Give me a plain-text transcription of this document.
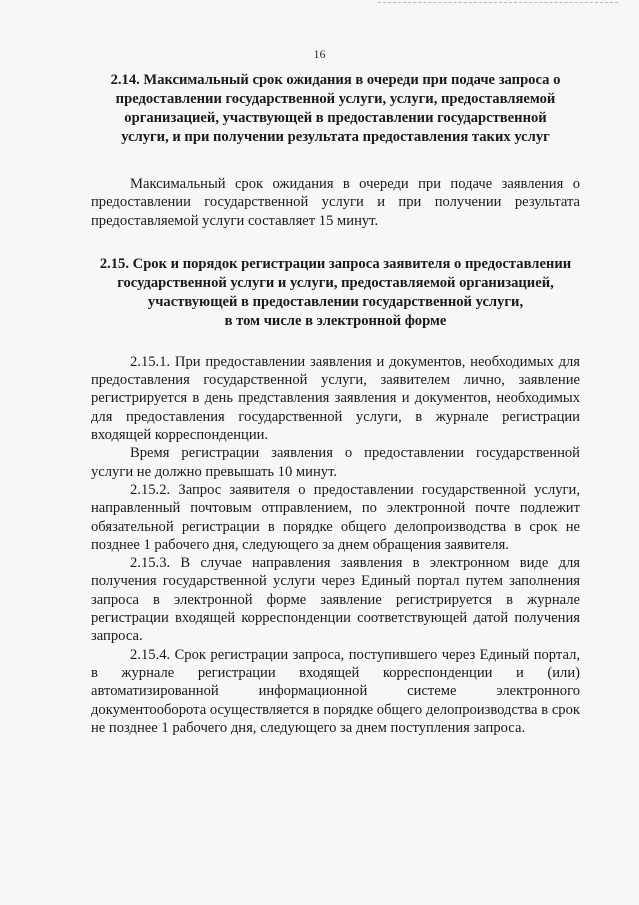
16
2.14. Максимальный срок ожидания в очереди при подаче запроса о
предоставлении государственной услуги, услуги, предоставляемой
организацией, участвующей в предоставлении государственной
услуги, и при получении результата предоставления таких услуг

Максимальный срок ожидания в очереди при подаче заявления о предоставлении государственной услуги и при получении результата предоставляемой услуги составляет 15 минут.

2.15. Срок и порядок регистрации запроса заявителя о предоставлении
государственной услуги и услуги, предоставляемой организацией,
участвующей в предоставлении государственной услуги,
в том числе в электронной форме

2.15.1. При предоставлении заявления и документов, необходимых для предоставления государственной услуги, заявителем лично, заявление регистрируется в день представления заявления и документов, необходимых для предоставления государственной услуги, в журнале регистрации входящей корреспонденции.

Время регистрации заявления о предоставлении государственной услуги не должно превышать 10 минут.

2.15.2. Запрос заявителя о предоставлении государственной услуги, направленный почтовым отправлением, по электронной почте подлежит обязательной регистрации в порядке общего делопроизводства в срок не позднее 1 рабочего дня, следующего за днем обращения заявителя.

2.15.3. В случае направления заявления в электронном виде для получения государственной услуги через Единый портал путем заполнения запроса в электронной форме заявление регистрируется в журнале регистрации входящей корреспонденции соответствующей датой получения запроса.

2.15.4. Срок регистрации запроса, поступившего через Единый портал, в журнале регистрации входящей корреспонденции и (или) автоматизированной информационной системе электронного документооборота осуществляется в порядке общего делопроизводства в срок не позднее 1 рабочего дня, следующего за днем поступления запроса.
